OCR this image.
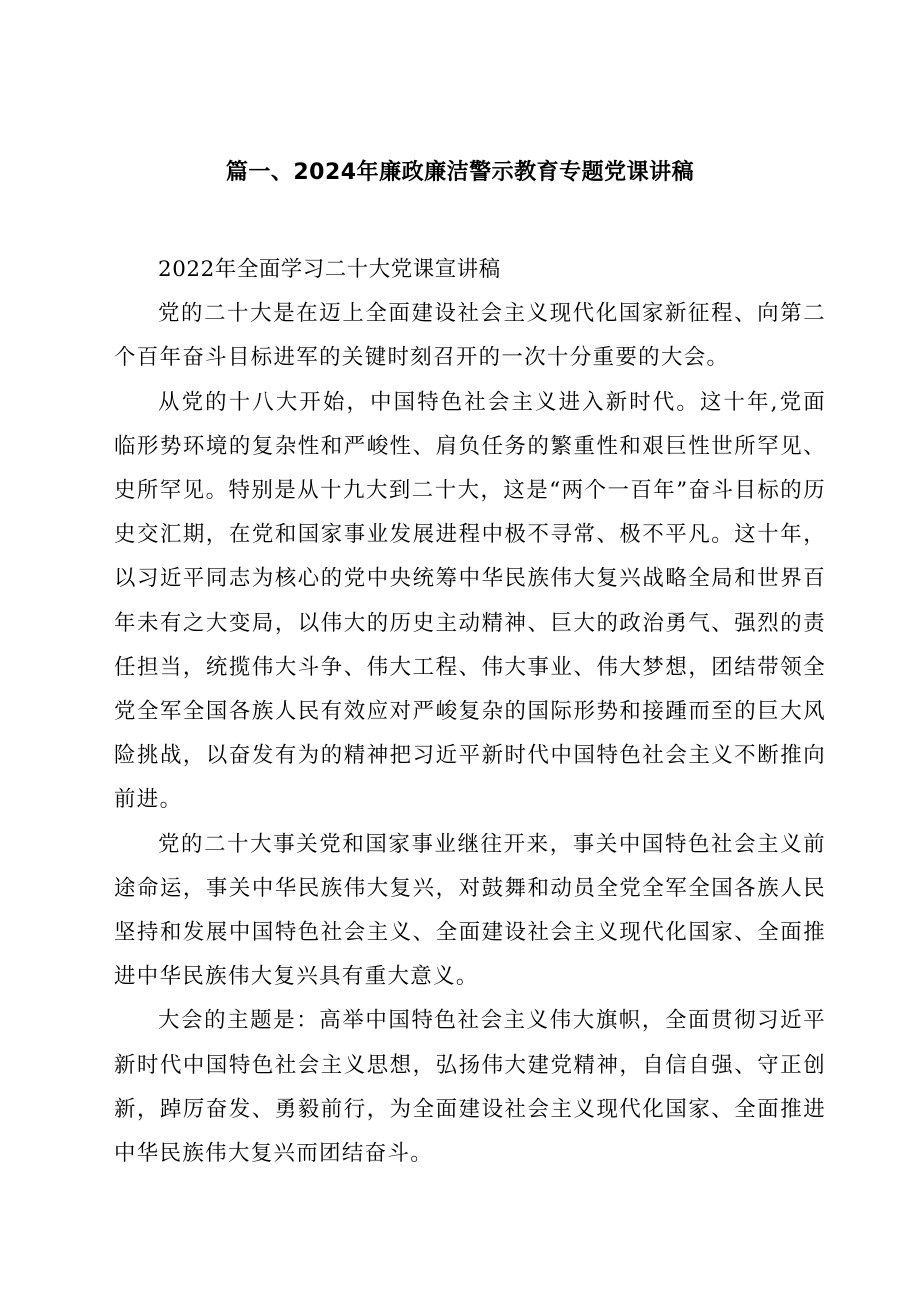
篇一、2024年廉政廉洁警示教育专题党课讲稿

2022年全面学习二十大党课宣讲稿

党的二十大是在迈上全面建设社会主义现代化国家新征程、向第二个百年奋斗目标进军的关键时刻召开的一次十分重要的大会。

从党的十八大开始，中国特色社会主义进入新时代。这十年,党面临形势环境的复杂性和严峻性、肩负任务的繁重性和艰巨性世所罕见、史所罕见。特别是从十九大到二十大，这是“两个一百年”奋斗目标的历史交汇期，在党和国家事业发展进程中极不寻常、极不平凡。这十年，以习近平同志为核心的党中央统筹中华民族伟大复兴战略全局和世界百年未有之大变局，以伟大的历史主动精神、巨大的政治勇气、强烈的责任担当，统揽伟大斗争、伟大工程、伟大事业、伟大梦想，团结带领全党全军全国各族人民有效应对严峻复杂的国际形势和接踵而至的巨大风险挑战，以奋发有为的精神把习近平新时代中国特色社会主义不断推向前进。

党的二十大事关党和国家事业继往开来，事关中国特色社会主义前途命运，事关中华民族伟大复兴，对鼓舞和动员全党全军全国各族人民坚持和发展中国特色社会主义、全面建设社会主义现代化国家、全面推进中华民族伟大复兴具有重大意义。

大会的主题是：高举中国特色社会主义伟大旗帜，全面贯彻习近平新时代中国特色社会主义思想，弘扬伟大建党精神，自信自强、守正创新，踔厉奋发、勇毅前行，为全面建设社会主义现代化国家、全面推进中华民族伟大复兴而团结奋斗。
